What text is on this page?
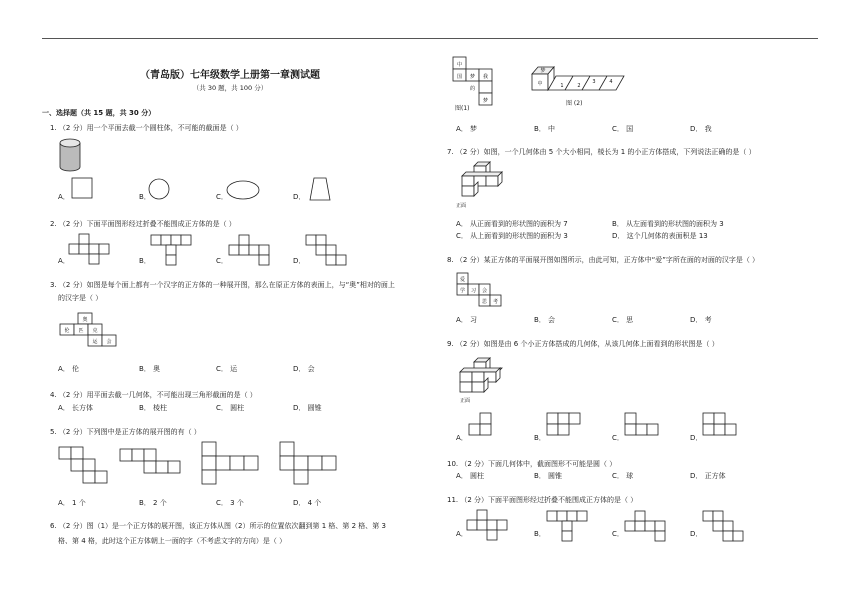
（青岛版）七年级数学上册第一章测试题
（共 30 题，共 100 分）
一、选择题（共 15 题，共 30 分）
1. （2 分）用一个平面去截一个圆柱体，不可能的截面是（ ）
A．	B．	C．	D．
2. （2 分）下面平面图形经过折叠不能围成正方体的是（ ）
A．	B．	C．	D．
3. （2 分）如图是每个面上都有一个汉字的正方体的一种展开图，那么在原正方体的表面上，与“奥”相对的面上
的汉字是（ ）
奥
伦 匹 克
运 会
A． 伦	B． 奥	C． 运	D． 会
4. （2 分）用平面去截一几何体，不可能出现三角形截面的是（ ）
A． 长方体	B． 棱柱	C． 圆柱	D． 圆锥
5. （2 分）下列图中是正方体的展开图的有（ ）
A． 1 个	B． 2 个	C． 3 个	D． 4 个
6. （2 分）图（1）是一个正方体的展开图，该正方体从图（2）所示的位置依次翻到第 1 格、第 2 格、第 3
格、第 4 格，此时这个正方体朝上一面的字（不考虑文字的方向）是（ ）
中
国 梦 我
的
梦
图(1)
中
梦
1	2
3	4
图 (2)
A． 梦	B． 中	C． 国	D． 我
7. （2 分）如图，一个几何体由 5 个大小相同，棱长为 1 的小正方体搭成，下列说法正确的是（ ）
正面
A． 从正面看到的形状图的面积为 7	B． 从左面看到的形状图的面积为 3
C． 从上面看到的形状图的面积为 3	D． 这个几何体的表面积是 13
8. （2 分）某正方体的平面展开图如图所示，由此可知，正方体中“爱”字所在面的对面的汉字是（ ）
爱
学 习 会
思 考
A． 习	B． 会	C． 思	D． 考
9. （2 分）如图是由 6 个小正方体搭成的几何体，从该几何体上面看到的形状图是（ ）
正面
A．	B．	C．	D．
10. （2 分）下面几何体中，截面图形不可能是圆（ ）
A． 圆柱	B． 圆锥	C． 球	D． 正方体
11. （2 分）下面平面图形经过折叠不能围成正方体的是（ ）
A．	B．	C．	D．
